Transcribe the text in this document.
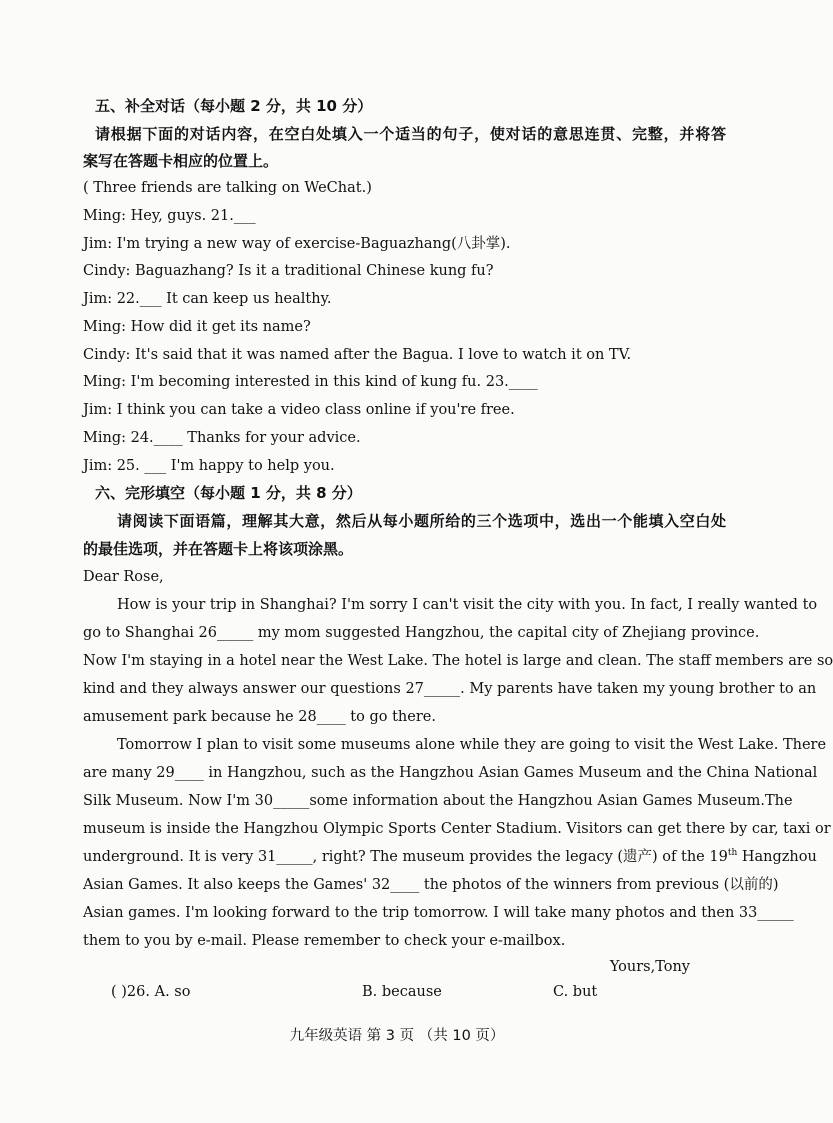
五、补全对话（每小题 2 分，共 10 分）
请根据下面的对话内容，在空白处填入一个适当的句子，使对话的意思连贯、完整，并将答
案写在答题卡相应的位置上。
( Three friends are talking on WeChat.)
Ming: Hey, guys. 21.___
Jim: I'm trying a new way of exercise-Baguazhang(八卦掌).
Cindy: Baguazhang? Is it a traditional Chinese kung fu?
Jim: 22.___ It can keep us healthy.
Ming: How did it get its name?
Cindy: It's said that it was named after the Bagua. I love to watch it on TV.
Ming: I'm becoming interested in this kind of kung fu. 23.____
Jim: I think you can take a video class online if you're free.
Ming: 24.____ Thanks for your advice.
Jim: 25. ___ I'm happy to help you.
六、完形填空（每小题 1 分，共 8 分）
请阅读下面语篇，理解其大意，然后从每小题所给的三个选项中，选出一个能填入空白处
的最佳选项，并在答题卡上将该项涂黑。
Dear Rose,
How is your trip in Shanghai? I'm sorry I can't visit the city with you. In fact, I really wanted to
go to Shanghai 26_____ my mom suggested Hangzhou, the capital city of Zhejiang province.
Now I'm staying in a hotel near the West Lake. The hotel is large and clean. The staff members are so
kind and they always answer our questions 27_____. My parents have taken my young brother to an
amusement park because he 28____ to go there.
Tomorrow I plan to visit some museums alone while they are going to visit the West Lake. There
are many 29____ in Hangzhou, such as the Hangzhou Asian Games Museum and the China National
Silk Museum. Now I'm 30_____some information about the Hangzhou Asian Games Museum.The
museum is inside the Hangzhou Olympic Sports Center Stadium. Visitors can get there by car, taxi or
underground. It is very 31_____, right? The museum provides the legacy (遗产) of the 19th Hangzhou
Asian Games. It also keeps the Games' 32____ the photos of the winners from previous (以前的)
Asian games. I'm looking forward to the trip tomorrow. I will take many photos and then 33_____
them to you by e-mail. Please remember to check your e-mailbox.
Yours,Tony
( )26. A. so	B. because	C. but
九年级英语 第 3 页 （共 10 页）
